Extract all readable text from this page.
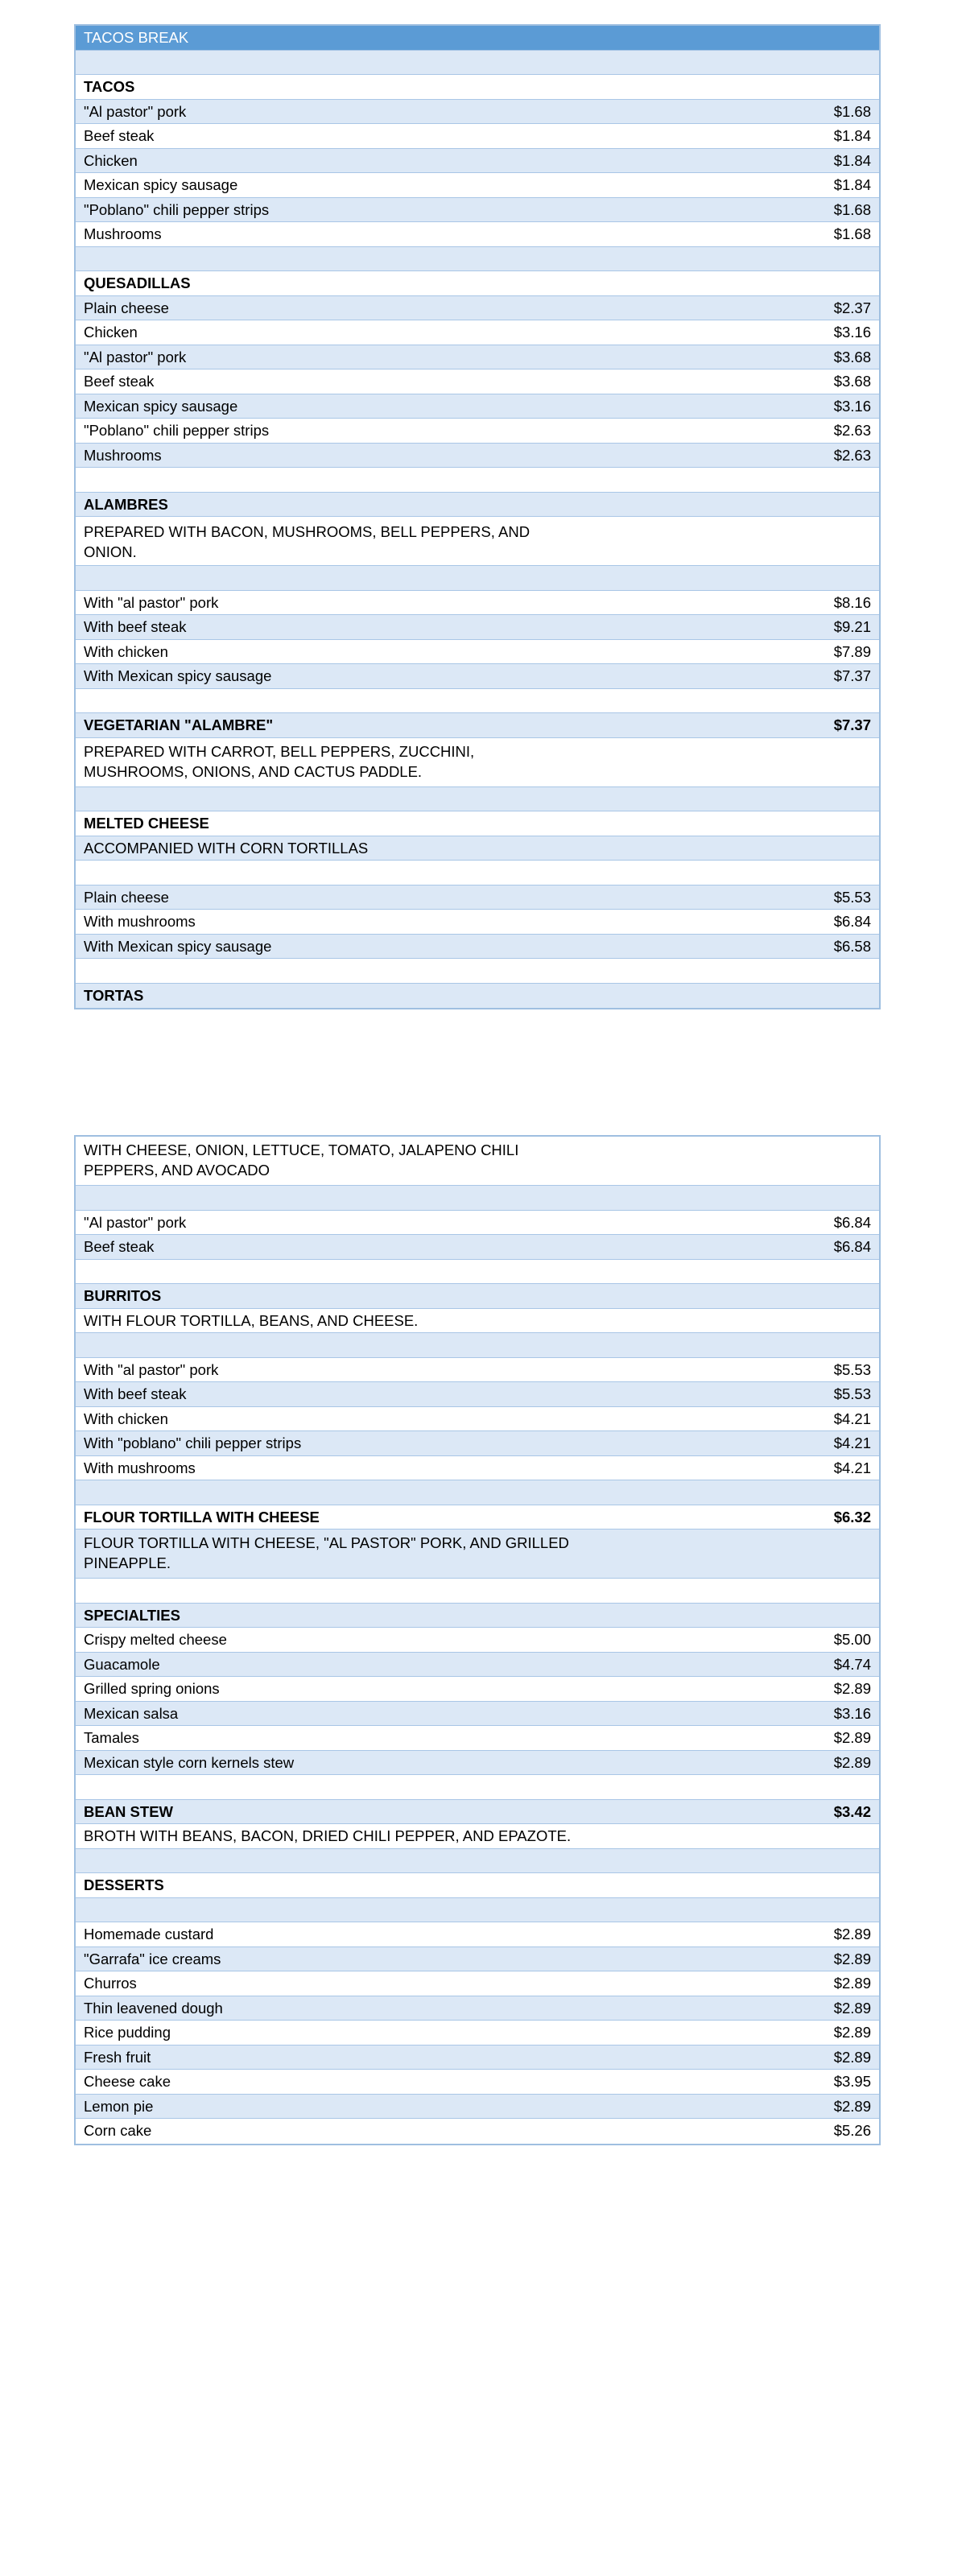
TACOS BREAK
TACOS
"Al pastor" pork	$1.68
Beef steak	$1.84
Chicken	$1.84
Mexican spicy sausage	$1.84
"Poblano" chili pepper strips	$1.68
Mushrooms	$1.68
QUESADILLAS
Plain cheese	$2.37
Chicken	$3.16
"Al pastor" pork	$3.68
Beef steak	$3.68
Mexican spicy sausage	$3.16
"Poblano" chili pepper strips	$2.63
Mushrooms	$2.63
ALAMBRES
PREPARED WITH BACON, MUSHROOMS, BELL PEPPERS, AND ONION.
With "al pastor" pork	$8.16
With beef steak	$9.21
With chicken	$7.89
With Mexican spicy sausage	$7.37
VEGETARIAN "ALAMBRE"	$7.37
PREPARED WITH CARROT, BELL PEPPERS, ZUCCHINI, MUSHROOMS, ONIONS, AND CACTUS PADDLE.
MELTED CHEESE
ACCOMPANIED WITH CORN TORTILLAS
Plain cheese	$5.53
With mushrooms	$6.84
With Mexican spicy sausage	$6.58
TORTAS
WITH CHEESE, ONION, LETTUCE, TOMATO, JALAPENO CHILI PEPPERS, AND AVOCADO
"Al pastor" pork	$6.84
Beef steak	$6.84
BURRITOS
WITH FLOUR TORTILLA, BEANS, AND CHEESE.
With "al pastor" pork	$5.53
With beef steak	$5.53
With chicken	$4.21
With "poblano" chili pepper strips	$4.21
With mushrooms	$4.21
FLOUR TORTILLA WITH CHEESE	$6.32
FLOUR TORTILLA WITH CHEESE, "AL PASTOR" PORK, AND GRILLED PINEAPPLE.
SPECIALTIES
Crispy melted cheese	$5.00
Guacamole	$4.74
Grilled spring onions	$2.89
Mexican salsa	$3.16
Tamales	$2.89
Mexican style corn kernels stew	$2.89
BEAN STEW	$3.42
BROTH WITH BEANS, BACON, DRIED CHILI PEPPER, AND EPAZOTE.
DESSERTS
Homemade custard	$2.89
"Garrafa" ice creams	$2.89
Churros	$2.89
Thin leavened dough	$2.89
Rice pudding	$2.89
Fresh fruit	$2.89
Cheese cake	$3.95
Lemon pie	$2.89
Corn cake	$5.26
